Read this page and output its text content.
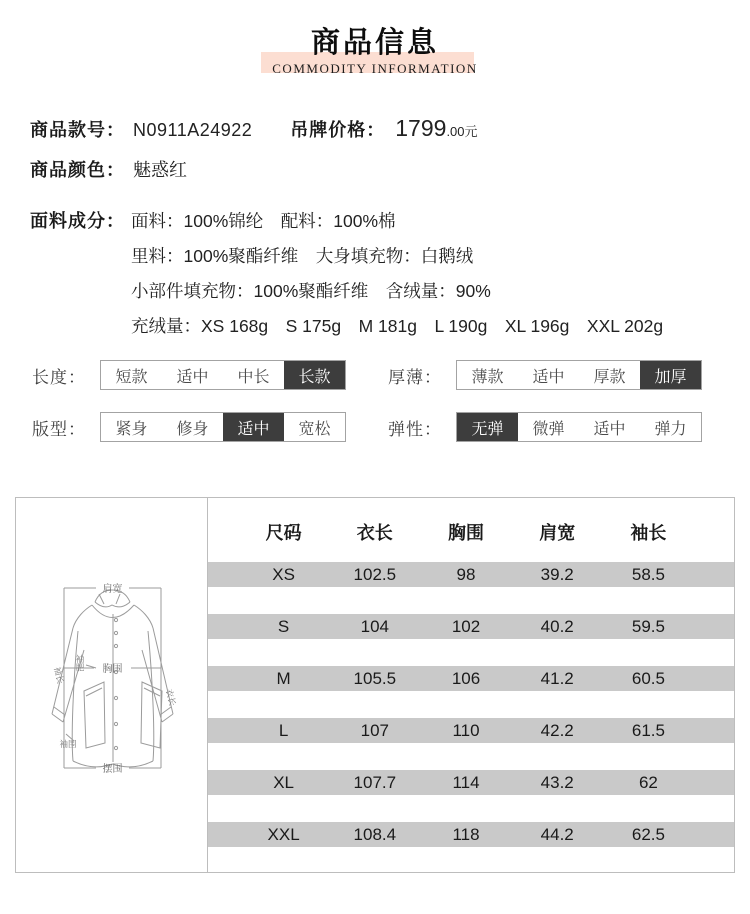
商品信息
COMMODITY INFORMATION
商品款号： N0911A24922 吊牌价格： 1799 .00元
商品颜色： 魅惑红
面料成分： 面料：100%锦纶　配料：100%棉
里料：100%聚酯纤维　大身填充物：白鹅绒
小部件填充物：100%聚酯纤维　含绒量：90%
充绒量：XS 168g　S 175g　M 181g　L 190g　XL 196g　XXL 202g
长度：	短款	适中	中长	长款	厚薄：	薄款	适中	厚款	加厚
版型：	紧身	修身	适中	宽松	弹性：	无弹	微弹	适中	弹力
肩宽
胸围
摆围
袖肥
袖长
袖围
衣长
尺码	衣长	胸围	肩宽	袖长
XS	102.5	98	39.2	58.5
S	104	102	40.2	59.5
M	105.5	106	41.2	60.5
L	107	110	42.2	61.5
XL	107.7	114	43.2	62
XXL	108.4	118	44.2	62.5
